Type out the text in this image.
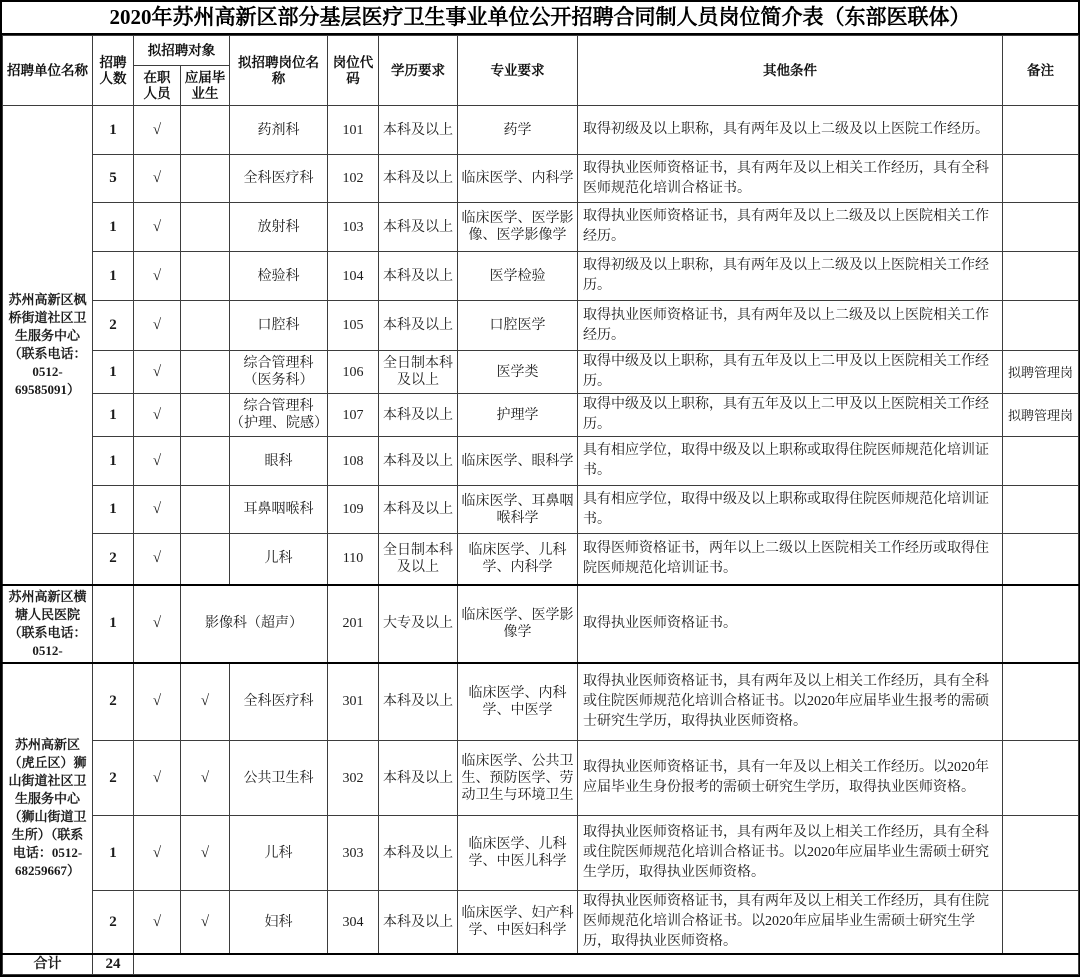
2020年苏州高新区部分基层医疗卫生事业单位公开招聘合同制人员岗位简介表（东部医联体）
招聘单位名称	招聘人数	拟招聘对象		拟招聘岗位名称	岗位代码	学历要求	专业要求	其他条件	备注
		在职人员	应届毕业生						
苏州高新区枫桥街道社区卫生服务中心（联系电话：0512-69585091）	1	√		药剂科	101	本科及以上	药学	取得初级及以上职称，具有两年及以上二级及以上医院工作经历。	
	5	√		全科医疗科	102	本科及以上	临床医学、内科学	取得执业医师资格证书，具有两年及以上相关工作经历，具有全科医师规范化培训合格证书。	
	1	√		放射科	103	本科及以上	临床医学、医学影像、医学影像学	取得执业医师资格证书，具有两年及以上二级及以上医院相关工作经历。	
	1	√		检验科	104	本科及以上	医学检验	取得初级及以上职称，具有两年及以上二级及以上医院相关工作经历。	
	2	√		口腔科	105	本科及以上	口腔医学	取得执业医师资格证书，具有两年及以上二级及以上医院相关工作经历。	
	1	√		综合管理科（医务科）	106	全日制本科及以上	医学类	取得中级及以上职称，具有五年及以上二甲及以上医院相关工作经历。	拟聘管理岗
	1	√		综合管理科（护理、院感）	107	本科及以上	护理学	取得中级及以上职称，具有五年及以上二甲及以上医院相关工作经历。	拟聘管理岗
	1	√		眼科	108	本科及以上	临床医学、眼科学	具有相应学位，取得中级及以上职称或取得住院医师规范化培训证书。	
	1	√		耳鼻咽喉科	109	本科及以上	临床医学、耳鼻咽喉科学	具有相应学位，取得中级及以上职称或取得住院医师规范化培训证书。	
	2	√		儿科	110	全日制本科及以上	临床医学、儿科学、内科学	取得医师资格证书，两年以上二级以上医院相关工作经历或取得住院医师规范化培训证书。	
苏州高新区横塘人民医院（联系电话：0512-	1	√	影像科（超声）		201	大专及以上	临床医学、医学影像学	取得执业医师资格证书。	
苏州高新区（虎丘区）狮山街道社区卫生服务中心（狮山街道卫生所）（联系电话：0512-68259667）	2	√	√	全科医疗科	301	本科及以上	临床医学、内科学、中医学	取得执业医师资格证书，具有两年及以上相关工作经历，具有全科或住院医师规范化培训合格证书。以2020年应届毕业生报考的需硕士研究生学历，取得执业医师资格。	
	2	√	√	公共卫生科	302	本科及以上	临床医学、公共卫生、预防医学、劳动卫生与环境卫生	取得执业医师资格证书，具有一年及以上相关工作经历。以2020年应届毕业生身份报考的需硕士研究生学历，取得执业医师资格。	
	1	√	√	儿科	303	本科及以上	临床医学、儿科学、中医儿科学	取得执业医师资格证书，具有两年及以上相关工作经历，具有全科或住院医师规范化培训合格证书。以2020年应届毕业生需硕士研究生学历，取得执业医师资格。	
	2	√	√	妇科	304	本科及以上	临床医学、妇产科学、中医妇科学	取得执业医师资格证书，具有两年及以上相关工作经历，具有住院医师规范化培训合格证书。以2020年应届毕业生需硕士研究生学历，取得执业医师资格。	
合计	24								
